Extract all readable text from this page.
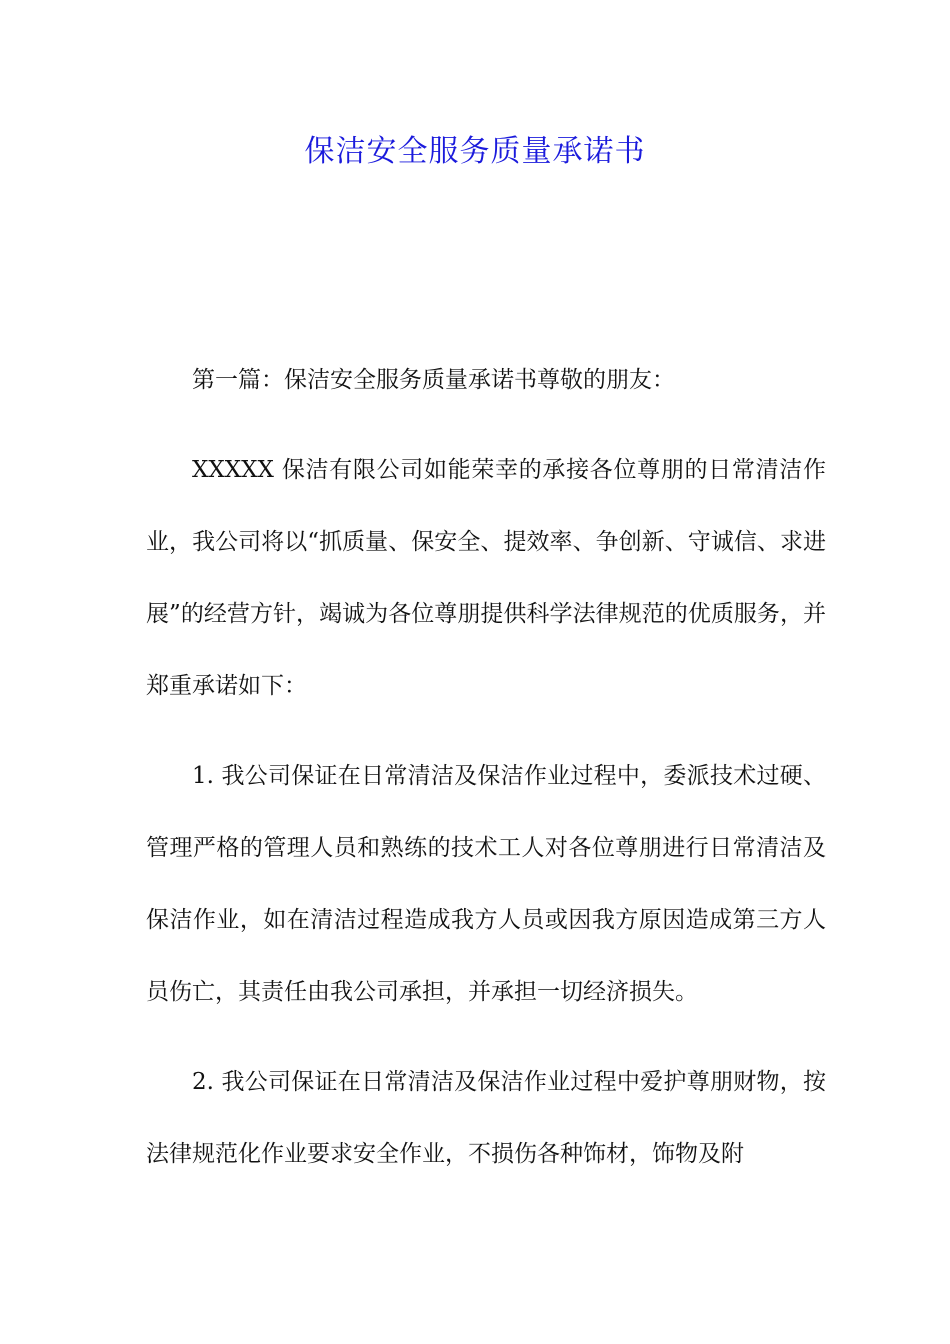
保洁安全服务质量承诺书

第一篇：保洁安全服务质量承诺书尊敬的朋友：

XXXXX 保洁有限公司如能荣幸的承接各位尊朋的日常清洁作业，我公司将以“抓质量、保安全、提效率、争创新、守诚信、求进展”的经营方针，竭诚为各位尊朋提供科学法律规范的优质服务，并郑重承诺如下：

1. 我公司保证在日常清洁及保洁作业过程中，委派技术过硬、管理严格的管理人员和熟练的技术工人对各位尊朋进行日常清洁及保洁作业，如在清洁过程造成我方人员或因我方原因造成第三方人员伤亡，其责任由我公司承担，并承担一切经济损失。

2. 我公司保证在日常清洁及保洁作业过程中爱护尊朋财物，按法律规范化作业要求安全作业，不损伤各种饰材，饰物及附
